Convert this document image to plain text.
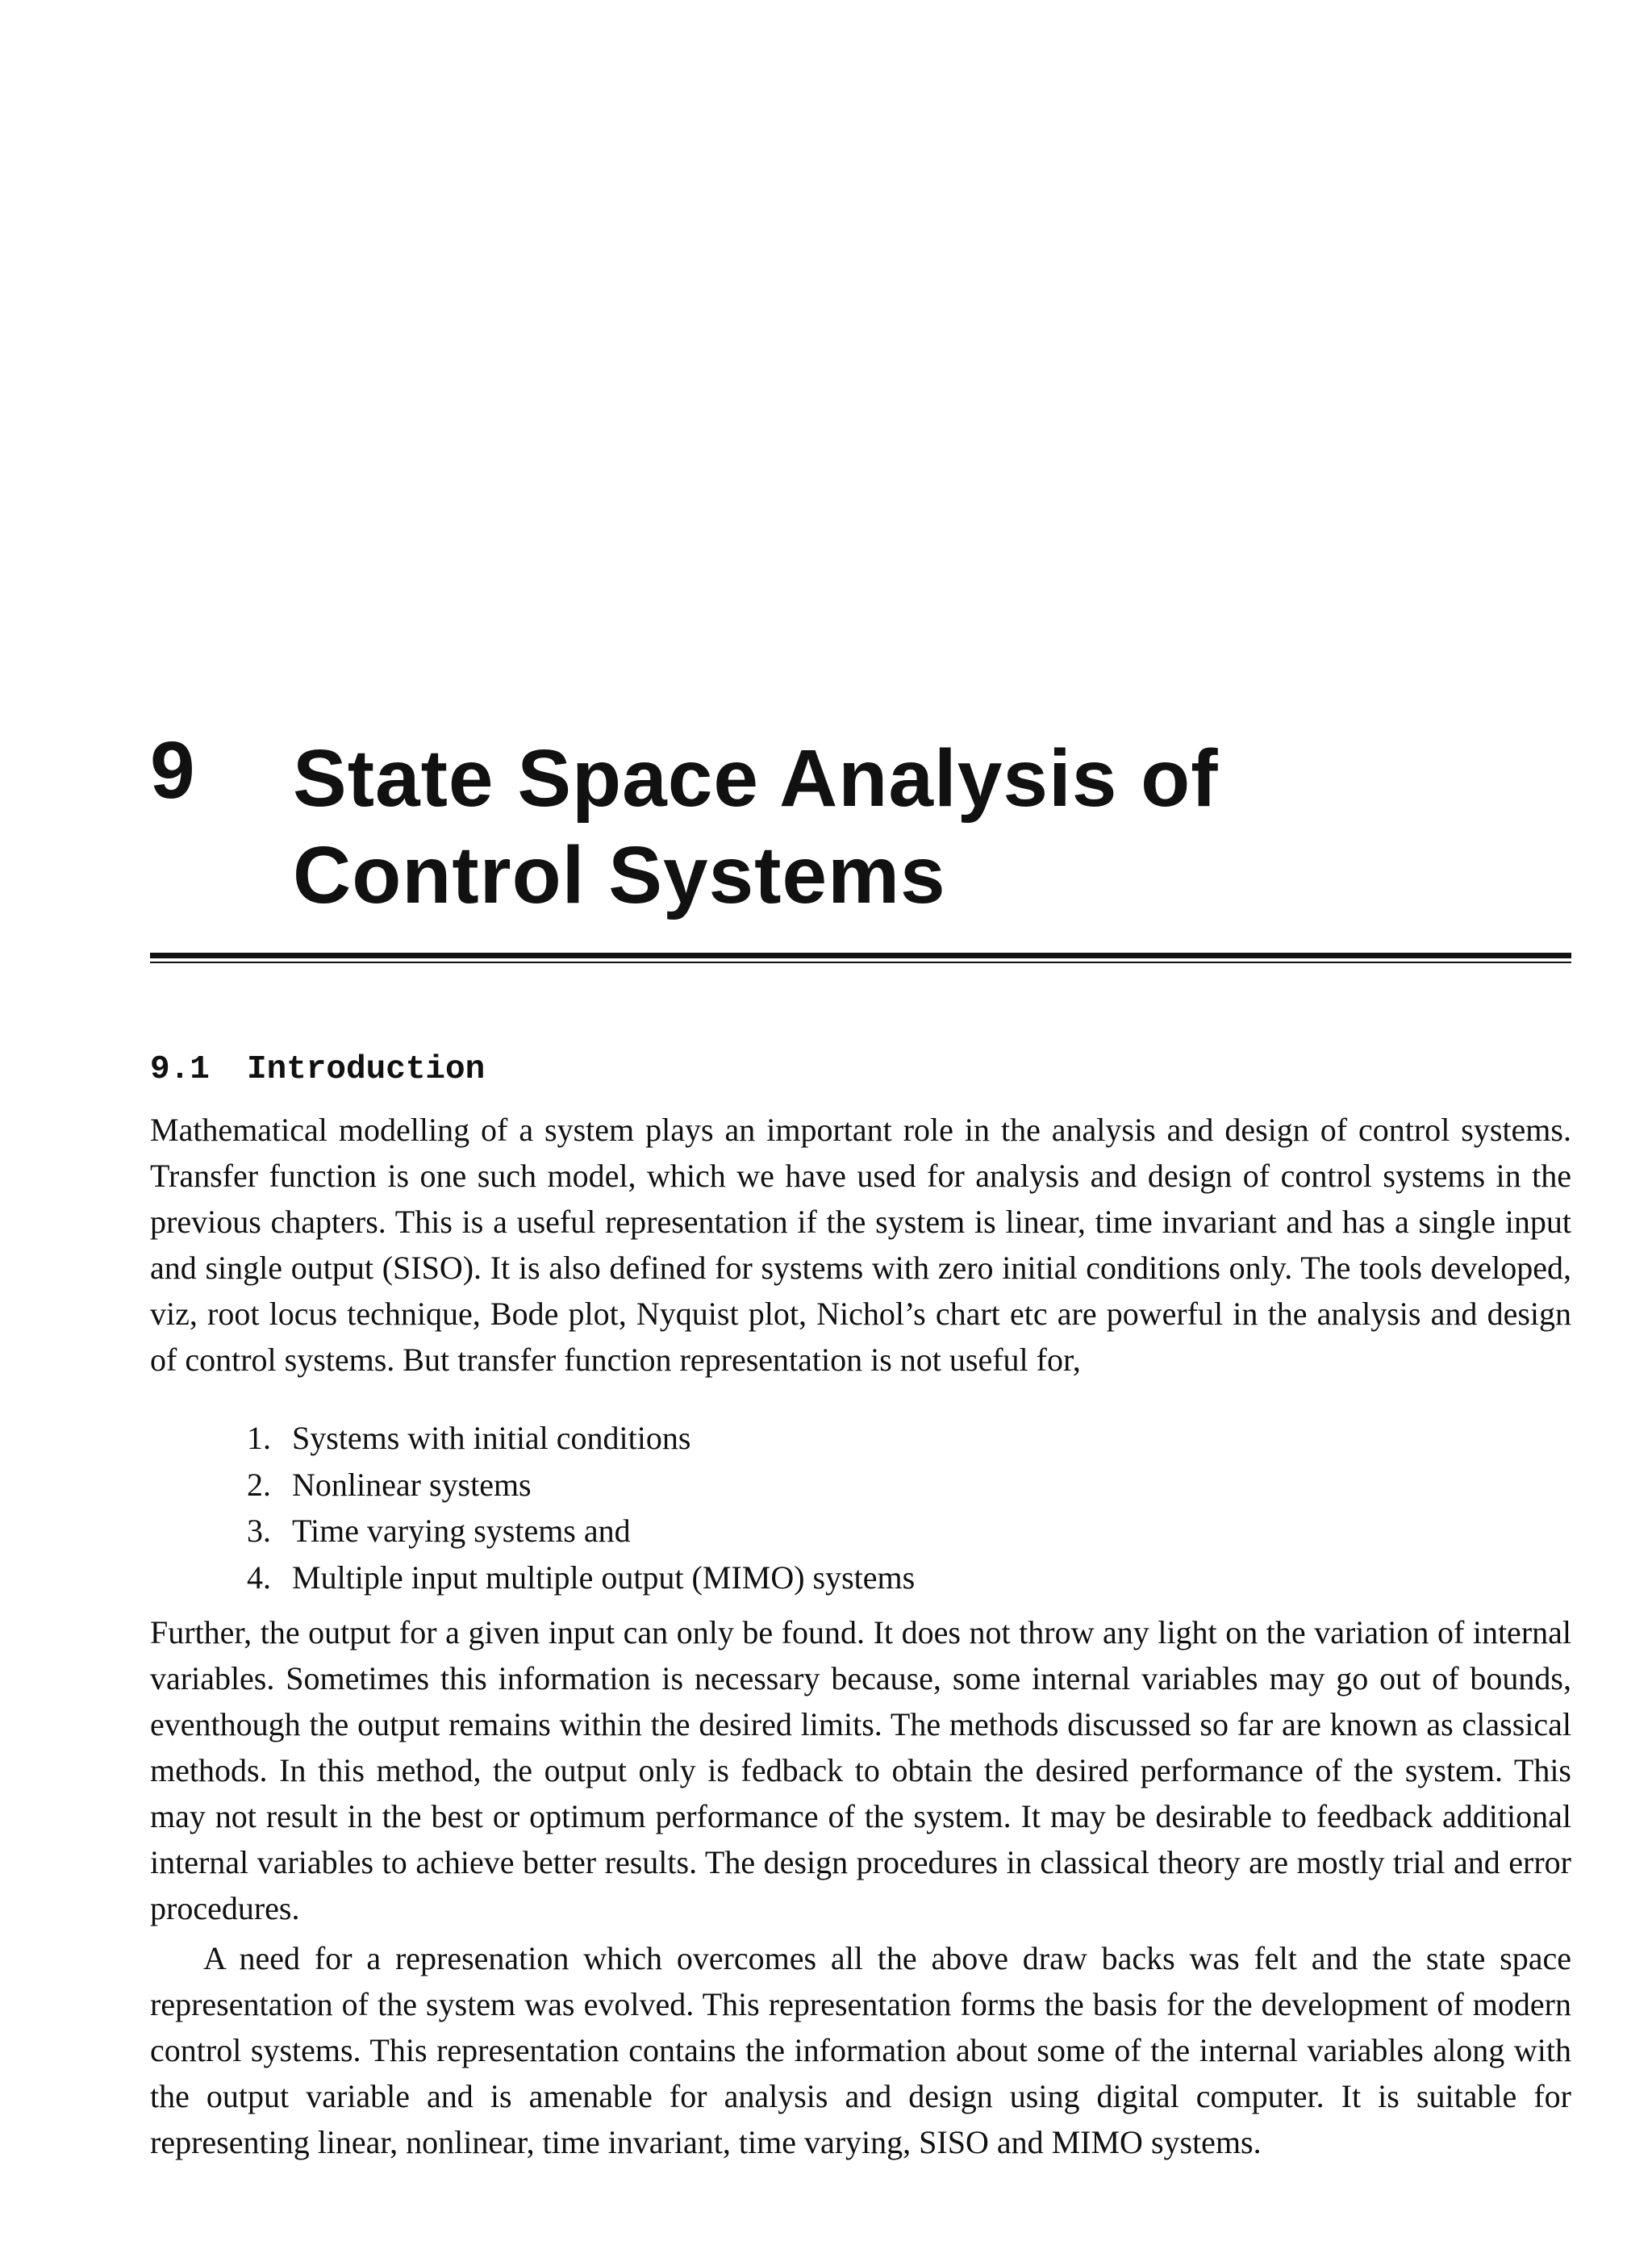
9 State Space Analysis of
Control Systems
9.1 Introduction

Mathematical modelling of a system plays an important role in the analysis and design of control systems. Transfer function is one such model, which we have used for analysis and design of control systems in the previous chapters. This is a useful representation if the system is linear, time invariant and has a single input and single output (SISO). It is also defined for systems with zero initial conditions only. The tools developed, viz, root locus technique, Bode plot, Nyquist plot, Nichol’s chart etc are powerful in the analysis and design of control systems. But transfer function representation is not useful for,

1. Systems with initial conditions
2. Nonlinear systems
3. Time varying systems and
4. Multiple input multiple output (MIMO) systems

Further, the output for a given input can only be found. It does not throw any light on the variation of internal variables. Sometimes this information is necessary because, some internal variables may go out of bounds, eventhough the output remains within the desired limits. The methods discussed so far are known as classical methods. In this method, the output only is fedback to obtain the desired performance of the system. This may not result in the best or optimum performance of the system. It may be desirable to feedback additional internal variables to achieve better results. The design procedures in classical theory are mostly trial and error procedures.

A need for a represenation which overcomes all the above draw backs was felt and the state space representation of the system was evolved. This representation forms the basis for the development of modern control systems. This representation contains the information about some of the internal variables along with the output variable and is amenable for analysis and design using digital computer. It is suitable for representing linear, nonlinear, time invariant, time varying, SISO and MIMO systems.
